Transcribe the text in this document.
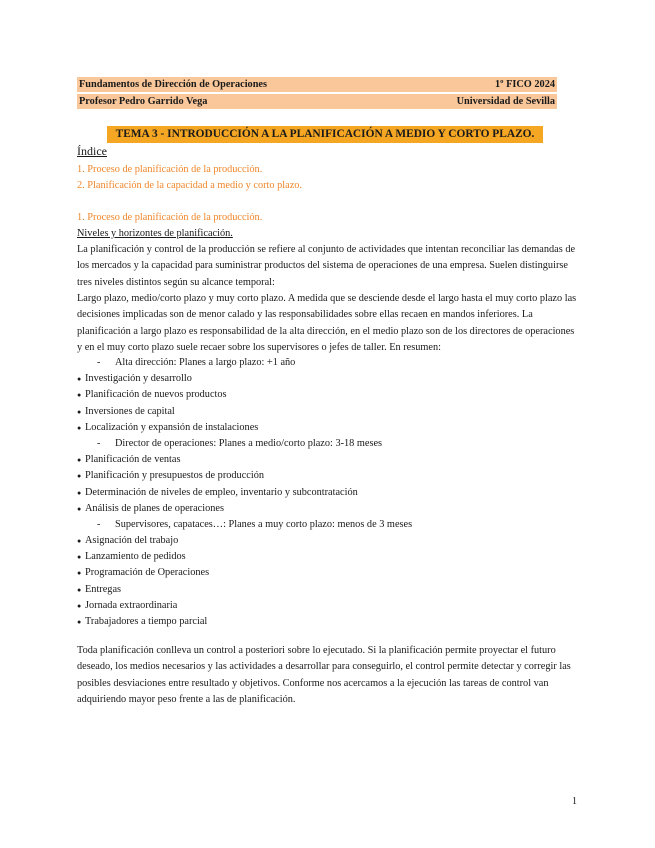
Fundamentos de Dirección de Operaciones	1º FICO 2024
Profesor Pedro Garrido Vega	Universidad de Sevilla
TEMA 3 - INTRODUCCIÓN A LA PLANIFICACIÓN A MEDIO Y CORTO PLAZO.
Índice
1. Proceso de planificación de la producción.
2. Planificación de la capacidad a medio y corto plazo.
1. Proceso de planificación de la producción.
Niveles y horizontes de planificación.
La planificación y control de la producción se refiere al conjunto de actividades que intentan reconciliar las demandas de los mercados y la capacidad para suministrar productos del sistema de operaciones de una empresa. Suelen distinguirse tres niveles distintos según su alcance temporal:
Largo plazo, medio/corto plazo y muy corto plazo. A medida que se desciende desde el largo hasta el muy corto plazo las decisiones implicadas son de menor calado y las responsabilidades sobre ellas recaen en mandos inferiores. La planificación a largo plazo es responsabilidad de la alta dirección, en el medio plazo son de los directores de operaciones y en el muy corto plazo suele recaer sobre los supervisores o jefes de taller. En resumen:
- Alta dirección: Planes a largo plazo: +1 año
● Investigación y desarrollo
● Planificación de nuevos productos
● Inversiones de capital
● Localización y expansión de instalaciones
- Director de operaciones: Planes a medio/corto plazo: 3-18 meses
● Planificación de ventas
● Planificación y presupuestos de producción
● Determinación de niveles de empleo, inventario y subcontratación
● Análisis de planes de operaciones
- Supervisores, capataces…: Planes a muy corto plazo: menos de 3 meses
● Asignación del trabajo
● Lanzamiento de pedidos
● Programación de Operaciones
● Entregas
● Jornada extraordinaria
● Trabajadores a tiempo parcial
Toda planificación conlleva un control a posteriori sobre lo ejecutado. Si la planificación permite proyectar el futuro deseado, los medios necesarios y las actividades a desarrollar para conseguirlo, el control permite detectar y corregir las posibles desviaciones entre resultado y objetivos. Conforme nos acercamos a la ejecución las tareas de control van adquiriendo mayor peso frente a las de planificación.
1
